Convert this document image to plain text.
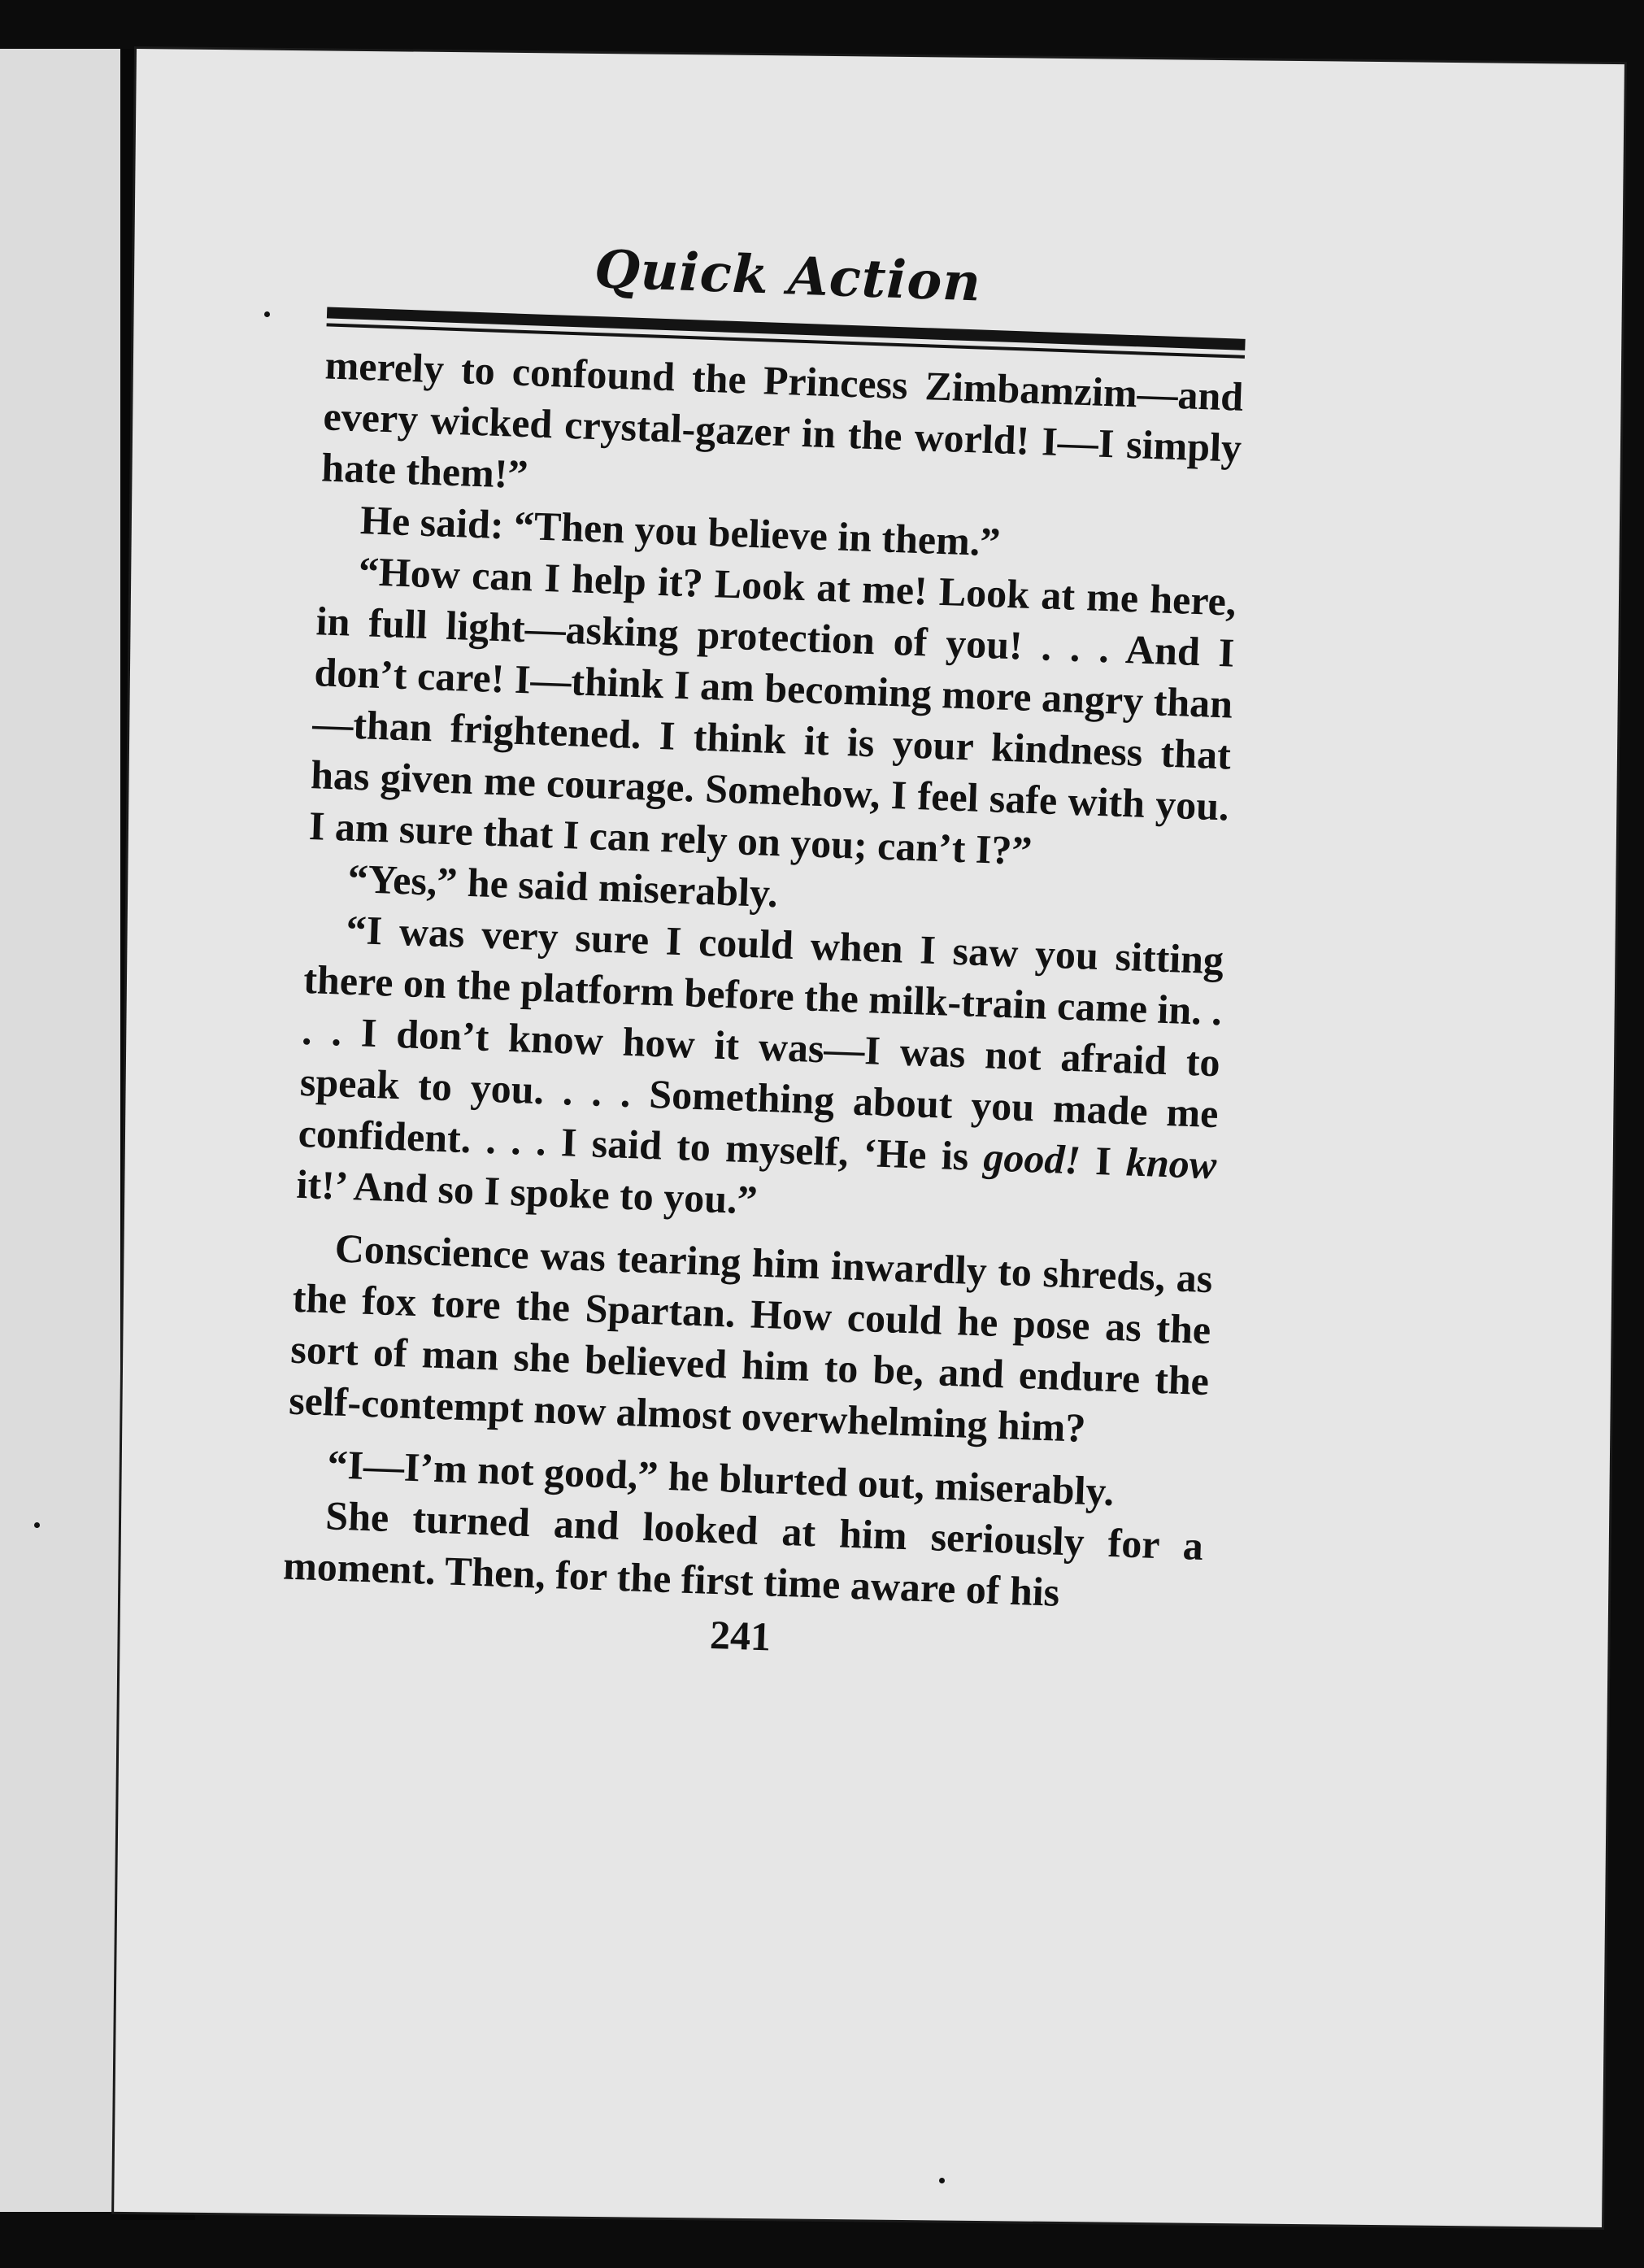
Quick Action

merely to confound the Princess Zimbamzim—and every wicked crystal-gazer in the world! I—I simply hate them!”

He said: “Then you believe in them.”

“How can I help it? Look at me! Look at me here, in full light—asking protection of you! . . . And I don’t care! I—think I am becoming more angry than—than frightened. I think it is your kindness that has given me courage. Somehow, I feel safe with you. I am sure that I can rely on you; can’t I?”

“Yes,” he said miserably.

“I was very sure I could when I saw you sitting there on the platform before the milk-train came in. . . . I don’t know how it was—I was not afraid to speak to you. . . . Something about you made me confident. . . . I said to myself, ‘He is good! I know it!’ And so I spoke to you.”

Conscience was tearing him inwardly to shreds, as the fox tore the Spartan. How could he pose as the sort of man she believed him to be, and endure the self-contempt now almost overwhelming him?

“I—I’m not good,” he blurted out, miserably.

She turned and looked at him seriously for a moment. Then, for the first time aware of his

241
